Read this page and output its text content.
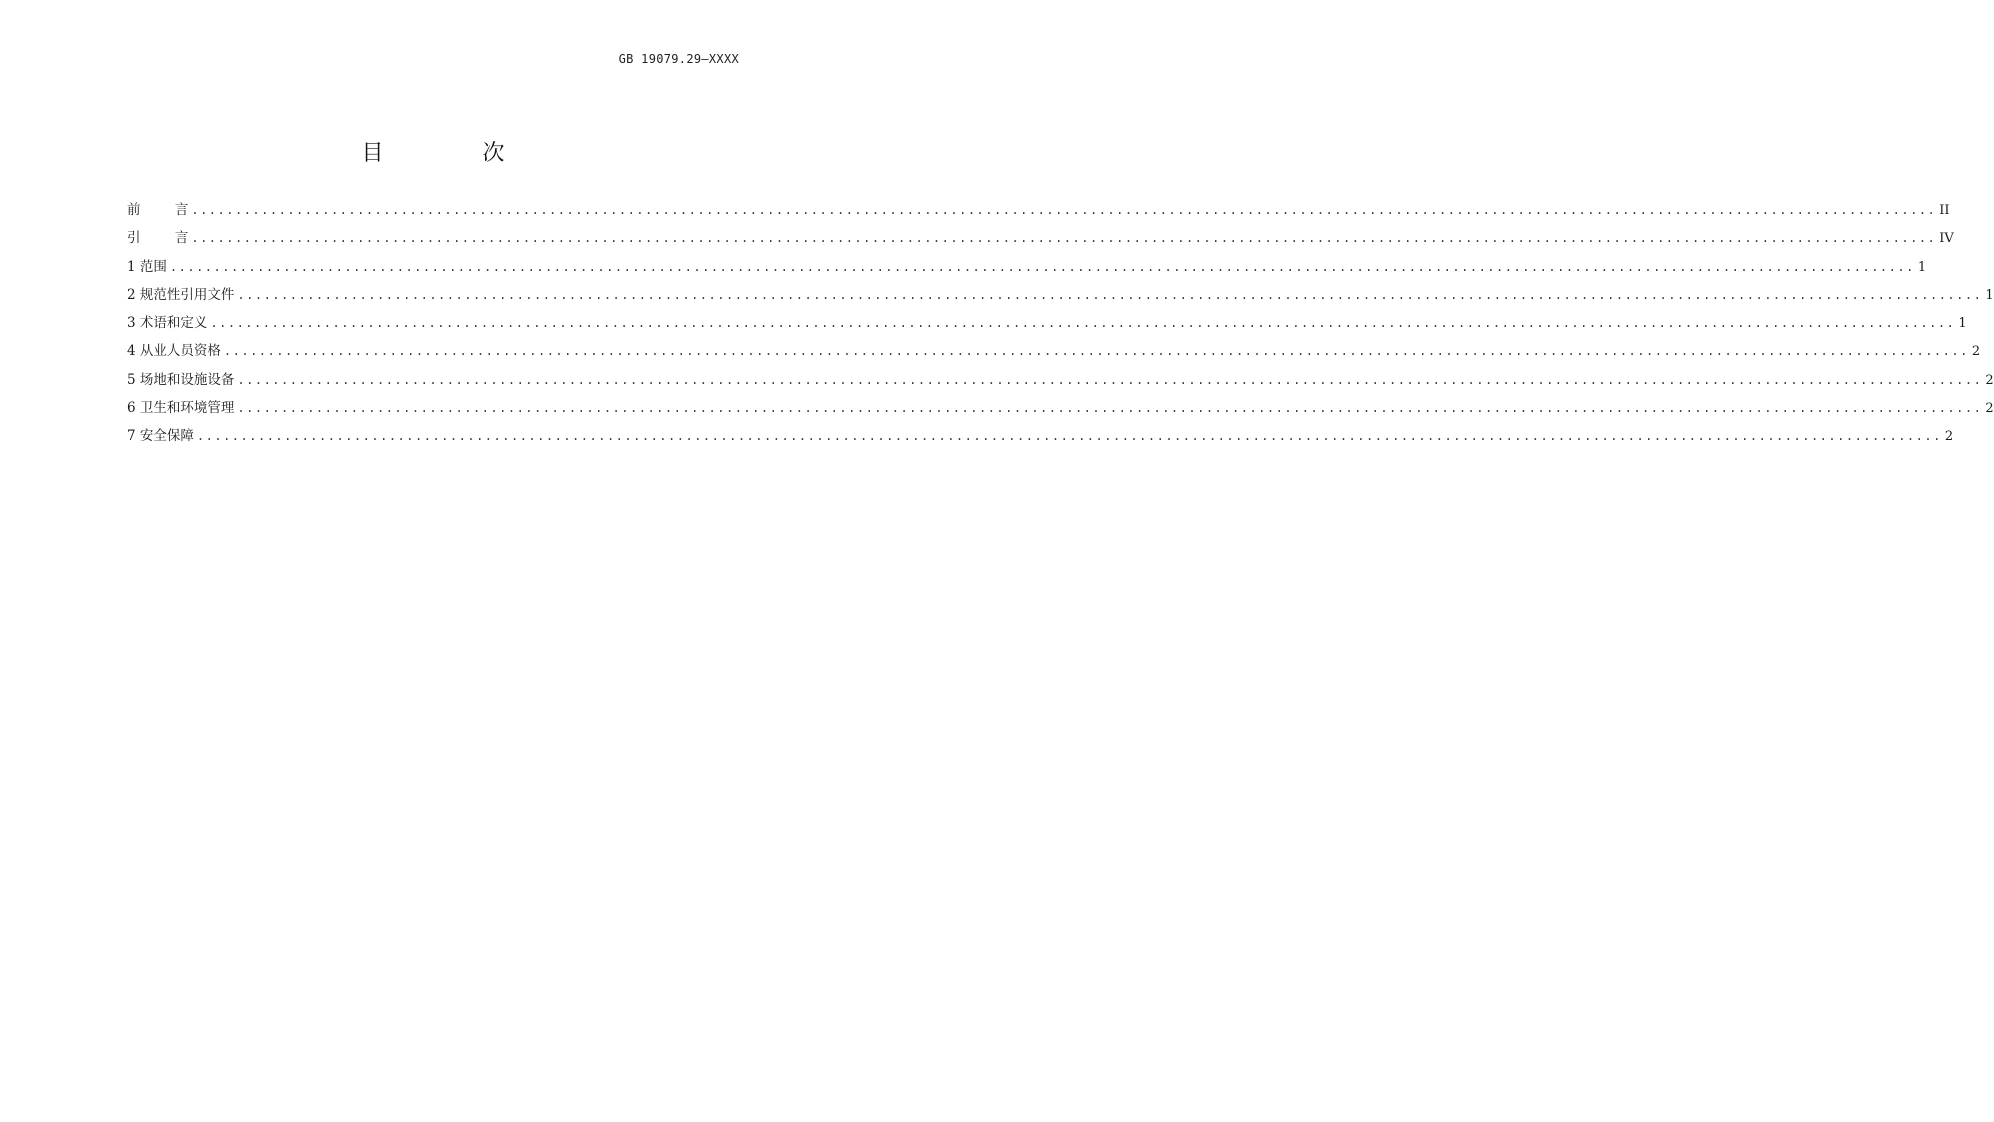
GB 19079.29—XXXX
目 次
前        言 ........................................................................................................................................................................................................ II
引        言 ........................................................................................................................................................................................................ IV
1 范围 ........................................................................................................................................................................................................ 1
2 规范性引用文件 ........................................................................................................................................................................................................ 1
3 术语和定义 ........................................................................................................................................................................................................ 1
4 从业人员资格 ........................................................................................................................................................................................................ 2
5 场地和设施设备 ........................................................................................................................................................................................................ 2
6 卫生和环境管理 ........................................................................................................................................................................................................ 2
7 安全保障 ........................................................................................................................................................................................................ 2
